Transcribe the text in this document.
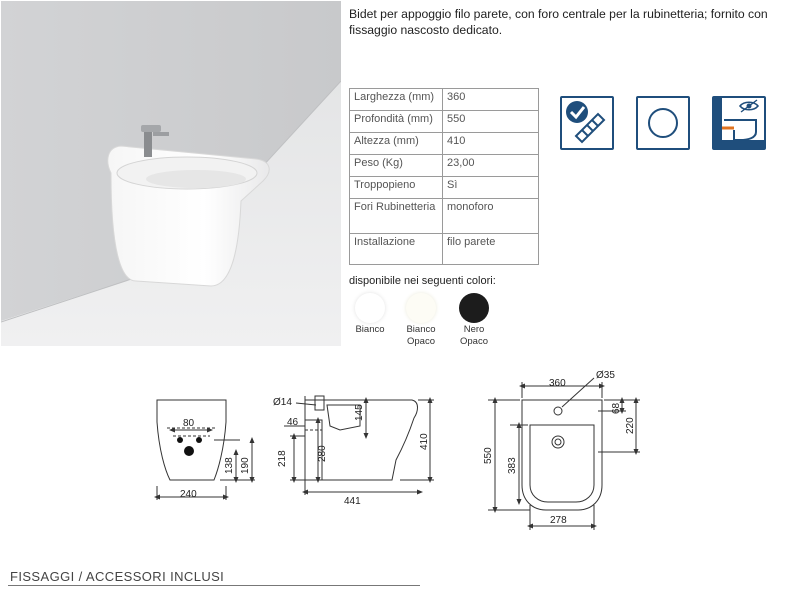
Bidet per appoggio filo parete, con foro centrale per la rubinetteria; fornito con fissaggio nascosto dedicato.
Larghezza (mm)	360
Profondità (mm)	550
Altezza (mm)	410
Peso (Kg)	23,00
Troppopieno	Sì
Fori Rubinetteria	monoforo
Installazione	filo parete
disponibile nei seguenti colori:
Bianco	Bianco
Opaco
Nero
Opaco
80
240
138 190
Ø14
46
145
218	280
410
441
360
Ø35
68
220
550
383
278
FISSAGGI / ACCESSORI INCLUSI
